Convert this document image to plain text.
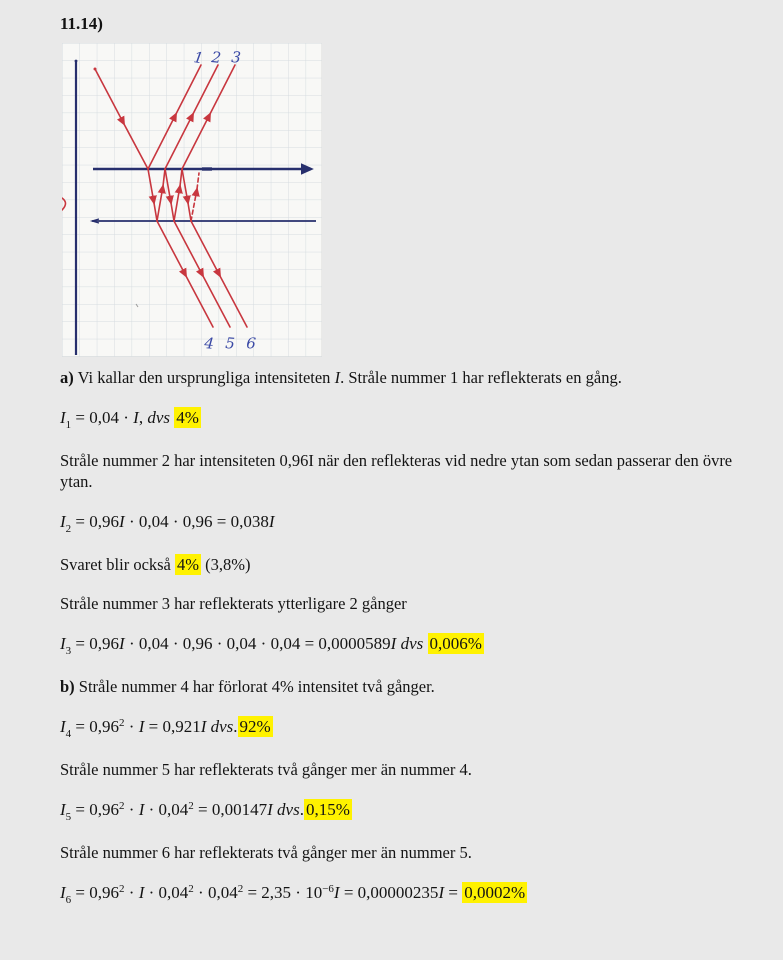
11.14)
1 2 3
4 5 6

a) Vi kallar den ursprungliga intensiteten I. Stråle nummer 1 har reflekterats en gång.

$I_1 = 0,04 \cdot I$, dvs 4%

Stråle nummer 2 har intensiteten 0,96I när den reflekteras vid nedre ytan som sedan passerar den övre ytan.

$I_2 = 0,96I \cdot 0,04 \cdot 0,96 = 0,038I$

Svaret blir också 4% (3,8%)

Stråle nummer 3 har reflekterats ytterligare 2 gånger

$I_3 = 0,96I \cdot 0,04 \cdot 0,96 \cdot 0,04 \cdot 0,04 = 0,0000589I$ dvs 0,006%

b) Stråle nummer 4 har förlorat 4% intensitet två gånger.

$I_4 = 0,96^2 \cdot I = 0,921I$ dvs. 92%

Stråle nummer 5 har reflekterats två gånger mer än nummer 4.

$I_5 = 0,96^2 \cdot I \cdot 0,04^2 = 0,00147I$ dvs. 0,15%

Stråle nummer 6 har reflekterats två gånger mer än nummer 5.

$I_6 = 0,96^2 \cdot I \cdot 0,04^2 \cdot 0,04^2 = 2,35 \cdot 10^{-6}I = 0,00000235I = 0,0002\%$
